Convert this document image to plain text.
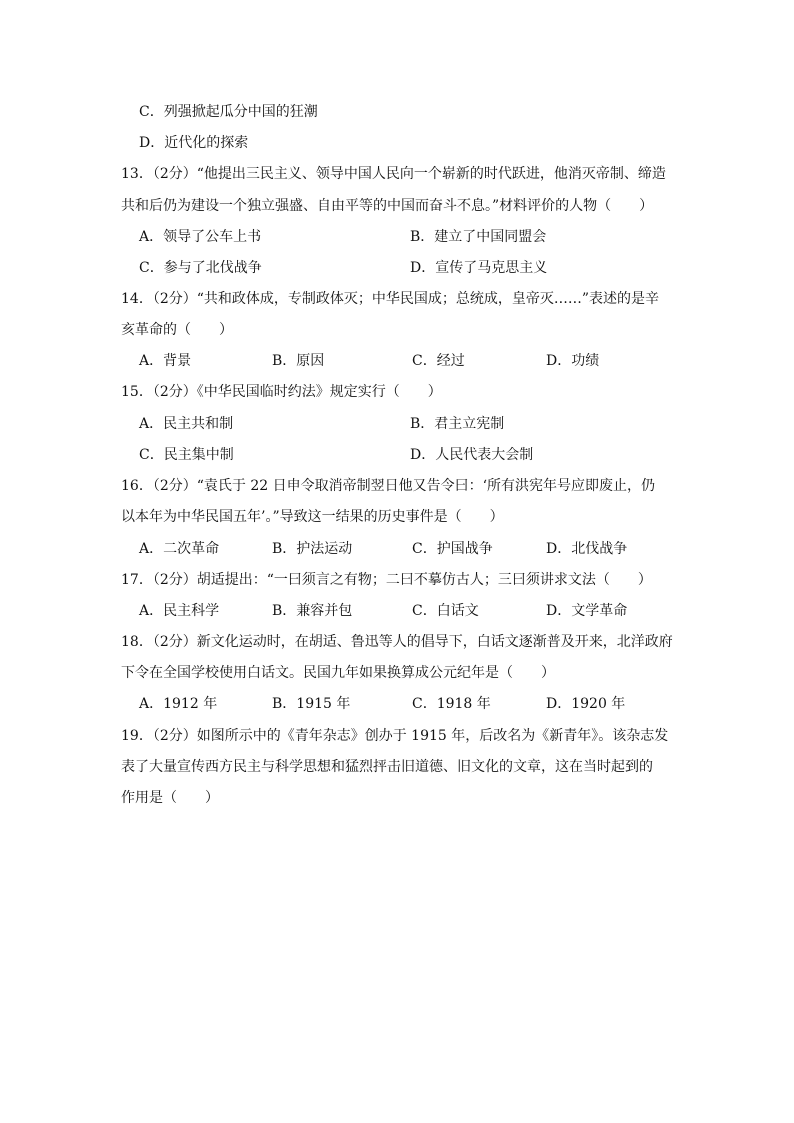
C．列强掀起瓜分中国的狂潮
D．近代化的探索
13．（2分）“他提出三民主义、领导中国人民向一个崭新的时代跃进，他消灭帝制、缔造
共和后仍为建设一个独立强盛、自由平等的中国而奋斗不息。”材料评价的人物（　　）
A．领导了公车上书	B．建立了中国同盟会
C．参与了北伐战争	D．宣传了马克思主义
14．（2分）“共和政体成，专制政体灭；中华民国成；总统成，皇帝灭……”表述的是辛
亥革命的（　　）
A．背景	B．原因	C．经过	D．功绩
15．（2分）《中华民国临时约法》规定实行（　　）
A．民主共和制	B．君主立宪制
C．民主集中制	D．人民代表大会制
16．（2分）“袁氏于 22 日申令取消帝制翌日他又告令曰：‘所有洪宪年号应即废止，仍
以本年为中华民国五年’。”导致这一结果的历史事件是（　　）
A．二次革命	B．护法运动	C．护国战争	D．北伐战争
17．（2分）胡适提出：“一曰须言之有物；二曰不摹仿古人；三曰须讲求文法（　　）
A．民主科学	B．兼容并包	C．白话文	D．文学革命
18．（2分）新文化运动时，在胡适、鲁迅等人的倡导下，白话文逐渐普及开来，北洋政府
下令在全国学校使用白话文。民国九年如果换算成公元纪年是（　　）
A．1912 年	B．1915 年	C．1918 年	D．1920 年
19．（2分）如图所示中的《青年杂志》创办于 1915 年，后改名为《新青年》。该杂志发
表了大量宣传西方民主与科学思想和猛烈抨击旧道德、旧文化的文章，这在当时起到的
作用是（　　）
